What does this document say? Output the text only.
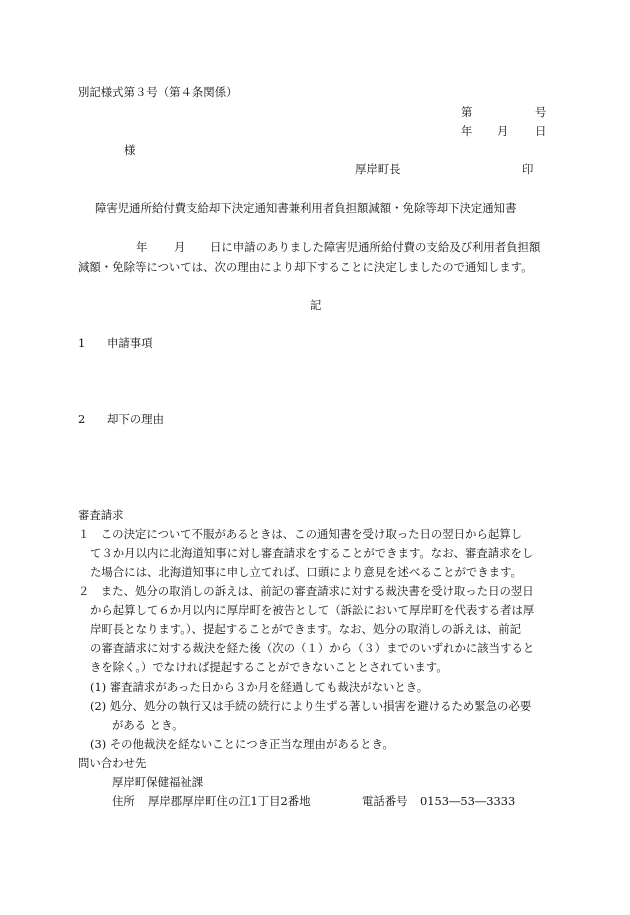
別記様式第３号（第４条関係）
第	号
年 月 日
様
厚岸町長	印
障害児通所給付費支給却下決定通知書兼利用者負担額減額・免除等却下決定通知書
年 月 日に申請のありました障害児通所給付費の支給及び利用者負担額
減額・免除等については、次の理由により却下することに決定しましたので通知します。
記
1 申請事項
2 却下の理由
審査請求
１　この決定について不服があるときは、この通知書を受け取った日の翌日から起算し
て３か月以内に北海道知事に対し審査請求をすることができます。なお、審査請求をし
た場合には、北海道知事に申し立てれば、口頭により意見を述べることができます。
２　また、処分の取消しの訴えは、前記の審査請求に対する裁決書を受け取った日の翌日
から起算して６か月以内に厚岸町を被告として（訴訟において厚岸町を代表する者は厚
岸町長となります。）、提起することができます。なお、処分の取消しの訴えは、前記
の審査請求に対する裁決を経た後（次の（１）から（３）までのいずれかに該当すると
きを除く。）でなければ提起することができないこととされています。
(1) 審査請求があった日から３か月を経過しても裁決がないとき。
(2) 処分、処分の執行又は手続の続行により生ずる著しい損害を避けるため緊急の必要
がある とき。
(3) その他裁決を経ないことにつき正当な理由があるとき。
問い合わせ先
厚岸町保健福祉課
住所 厚岸郡厚岸町住の江1丁目2番地	電話番号 0153―53―3333
